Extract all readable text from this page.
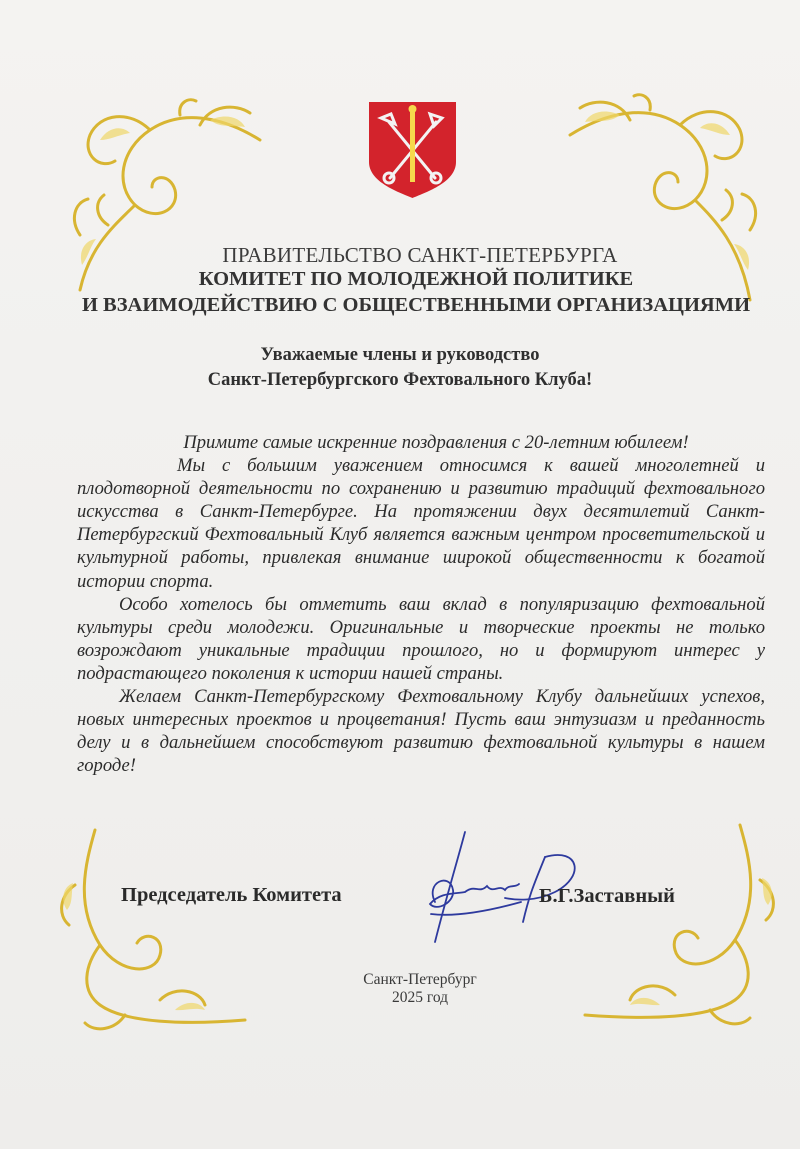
ПРАВИТЕЛЬСТВО САНКТ-ПЕТЕРБУРГА
КОМИТЕТ ПО МОЛОДЕЖНОЙ ПОЛИТИКЕ
И ВЗАИМОДЕЙСТВИЮ С ОБЩЕСТВЕННЫМИ ОРГАНИЗАЦИЯМИ
Уважаемые члены и руководство
Санкт-Петербургского Фехтовального Клуба!

Примите самые искренние поздравления с 20-летним юбилеем!

Мы с большим уважением относимся к вашей многолетней и плодотворной деятельности по сохранению и развитию традиций фехтовального искусства в Санкт-Петербурге. На протяжении двух десятилетий Санкт-Петербургский Фехтовальный Клуб является важным центром просветительской и культурной работы, привлекая внимание широкой общественности к богатой истории спорта.

Особо хотелось бы отметить ваш вклад в популяризацию фехтовальной культуры среди молодежи. Оригинальные и творческие проекты не только возрождают уникальные традиции прошлого, но и формируют интерес у подрастающего поколения к истории нашей страны.

Желаем Санкт-Петербургскому Фехтовальному Клубу дальнейших успехов, новых интересных проектов и процветания! Пусть ваш энтузиазм и преданность делу и в дальнейшем способствуют развитию фехтовальной культуры в нашем городе!

Председатель Комитета	Б.Г.Заставный
Санкт-Петербург
2025 год
